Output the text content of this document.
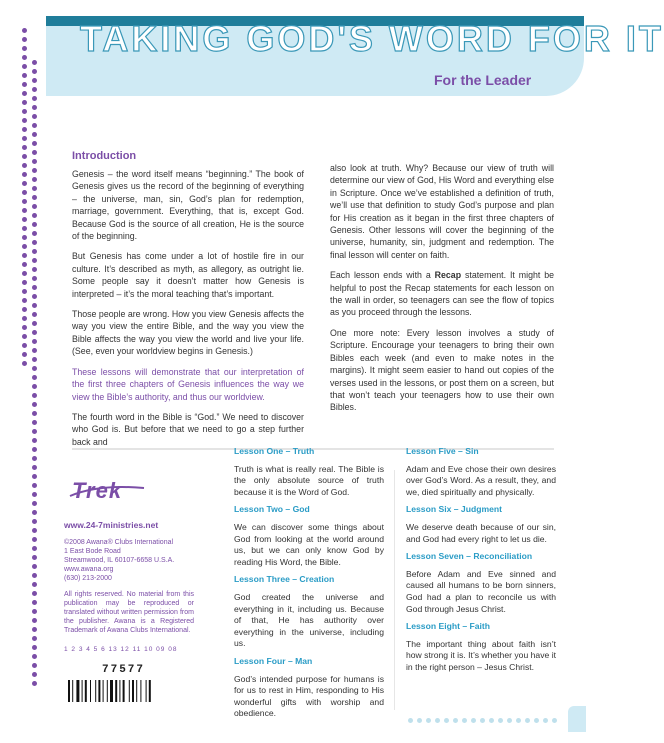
TAKING GOD'S WORD FOR IT
For the Leader
Introduction

Genesis – the word itself means “beginning.” The book of Genesis gives us the record of the beginning of everything – the universe, man, sin, God’s plan for redemption, marriage, government. Everything, that is, except God. Because God is the source of all creation, He is the source of the beginning.

But Genesis has come under a lot of hostile fire in our culture. It’s described as myth, as allegory, as outright lie. Some people say it doesn’t matter how Genesis is interpreted – it’s the moral teaching that’s important.

Those people are wrong. How you view Genesis affects the way you view the entire Bible, and the way you view the Bible affects the way you view the world and live your life. (See, even your worldview begins in Genesis.)

These lessons will demonstrate that our interpretation of the first three chapters of Genesis influences the way we view the Bible’s authority, and thus our worldview.

The fourth word in the Bible is “God.” We need to discover who God is. But before that we need to go a step further back and

also look at truth. Why? Because our view of truth will determine our view of God, His Word and everything else in Scripture. Once we’ve established a definition of truth, we’ll use that definition to study God’s purpose and plan for His creation as it began in the first three chapters of Genesis. Other lessons will cover the beginning of the universe, humanity, sin, judgment and redemption. The final lesson will center on faith.

Each lesson ends with a Recap statement. It might be helpful to post the Recap statements for each lesson on the wall in order, so teenagers can see the flow of topics as you proceed through the lessons.

One more note: Every lesson involves a study of Scripture. Encourage your teenagers to bring their own Bibles each week (and even to make notes in the margins). It might seem easier to hand out copies of the verses used in the lessons, or post them on a screen, but that won’t teach your teenagers how to use their own Bibles.

Trek
www.24-7ministries.net
©2008 Awana® Clubs International
1 East Bode Road
Streamwood, IL 60107-6658 U.S.A.
www.awana.org
(630) 213-2000
All rights reserved. No material from this publication may be reproduced or translated without written permission from the publisher. Awana is a Registered Trademark of Awana Clubs International.
1 2 3 4 5 6 13 12 11 10 09 08
77577
Lesson One – Truth
Truth is what is really real. The Bible is the only absolute source of truth because it is the Word of God.
Lesson Two – God
We can discover some things about God from looking at the world around us, but we can only know God by reading His Word, the Bible.
Lesson Three – Creation
God created the universe and everything in it, including us. Because of that, He has authority over everything in the universe, including us.
Lesson Four – Man
God’s intended purpose for humans is for us to rest in Him, responding to His wonderful gifts with worship and obedience.
Lesson Five – Sin
Adam and Eve chose their own desires over God’s Word. As a result, they, and we, died spiritually and physically.
Lesson Six – Judgment
We deserve death because of our sin, and God had every right to let us die.
Lesson Seven – Reconciliation
Before Adam and Eve sinned and caused all humans to be born sinners, God had a plan to reconcile us with God through Jesus Christ.
Lesson Eight – Faith
The important thing about faith isn’t how strong it is. It’s whether you have it in the right person – Jesus Christ.
